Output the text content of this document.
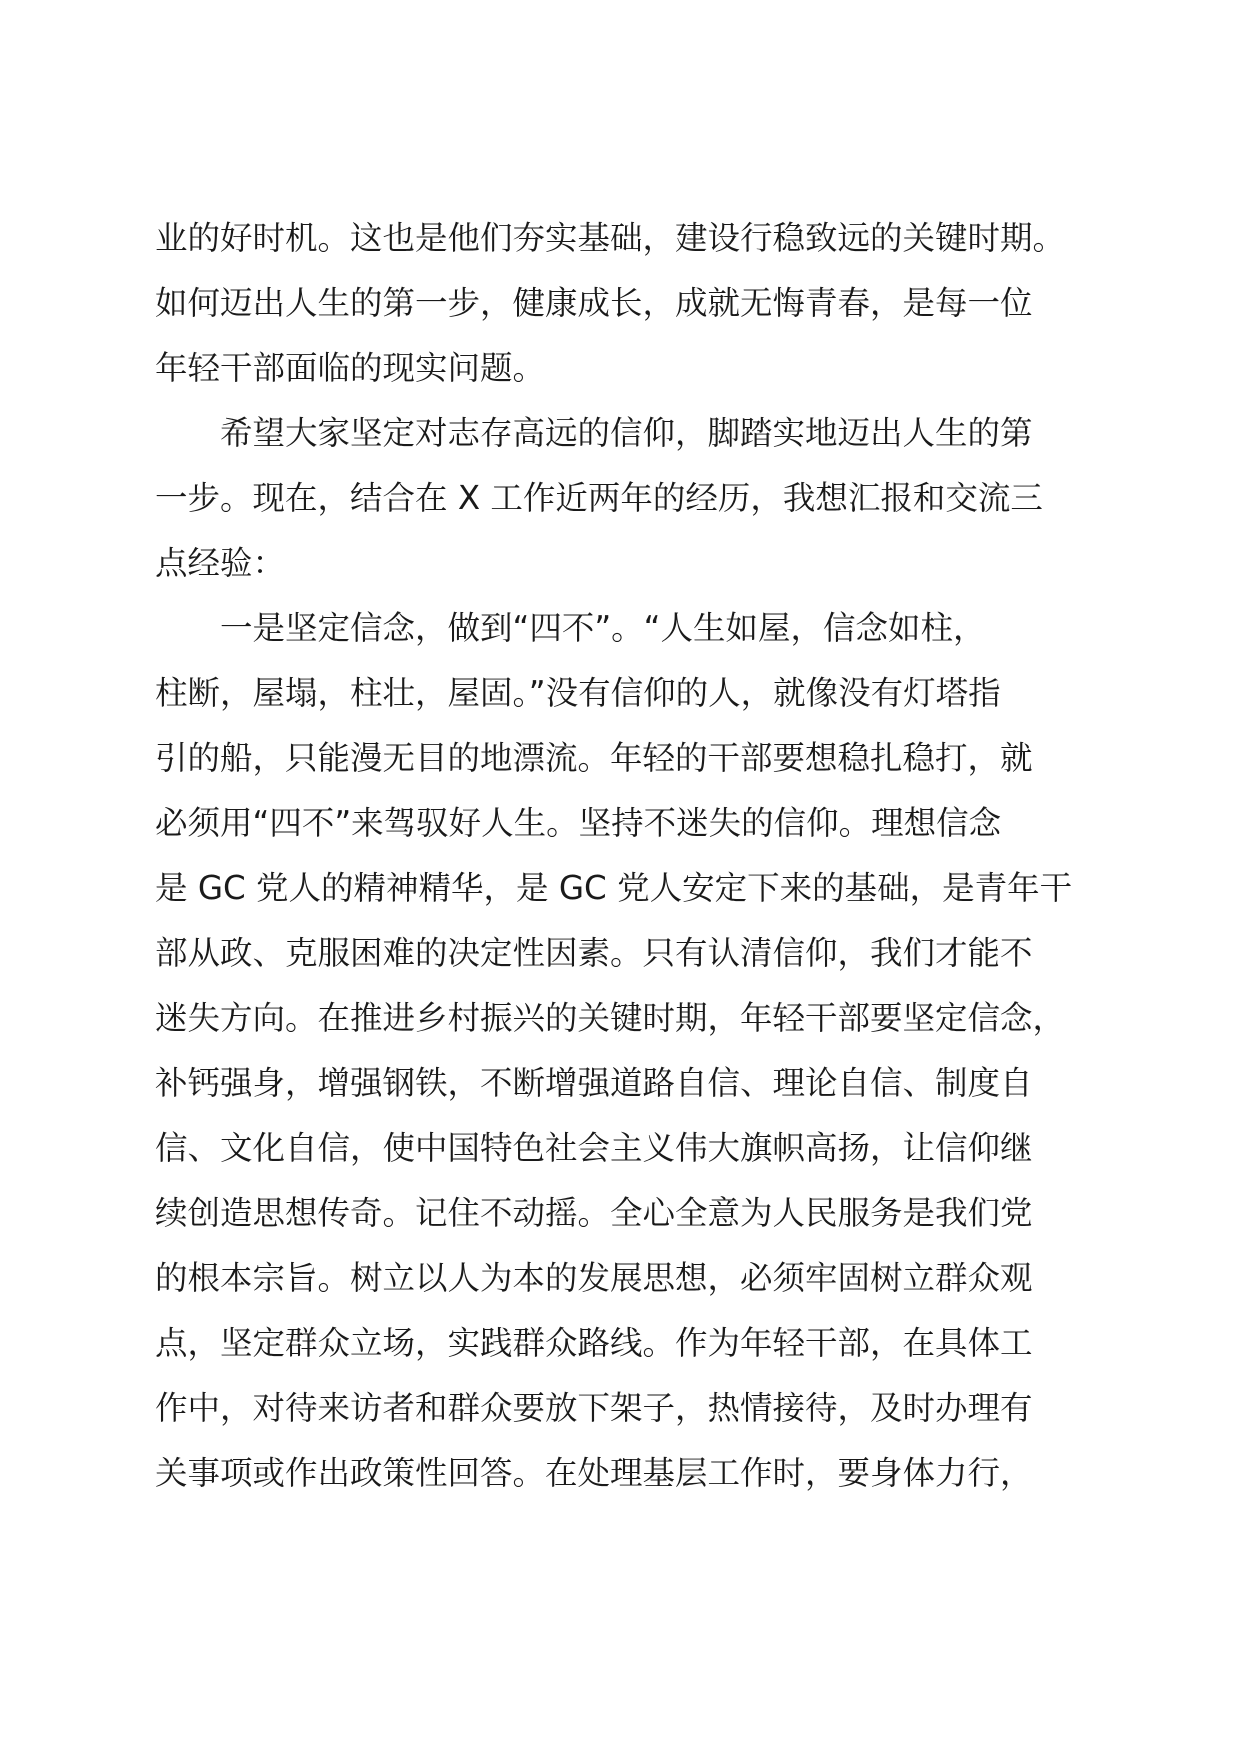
业的好时机。这也是他们夯实基础，建设行稳致远的关键时期。
如何迈出人生的第一步，健康成长，成就无悔青春，是每一位
年轻干部面临的现实问题。
希望大家坚定对志存高远的信仰，脚踏实地迈出人生的第
一步。现在，结合在 X 工作近两年的经历，我想汇报和交流三
点经验：
一是坚定信念，做到“四不”。“人生如屋，信念如柱，
柱断，屋塌，柱壮，屋固。”没有信仰的人，就像没有灯塔指
引的船，只能漫无目的地漂流。年轻的干部要想稳扎稳打，就
必须用“四不”来驾驭好人生。坚持不迷失的信仰。理想信念
是 GC 党人的精神精华，是 GC 党人安定下来的基础，是青年干
部从政、克服困难的决定性因素。只有认清信仰，我们才能不
迷失方向。在推进乡村振兴的关键时期，年轻干部要坚定信念，
补钙强身，增强钢铁，不断增强道路自信、理论自信、制度自
信、文化自信，使中国特色社会主义伟大旗帜高扬，让信仰继
续创造思想传奇。记住不动摇。全心全意为人民服务是我们党
的根本宗旨。树立以人为本的发展思想，必须牢固树立群众观
点，坚定群众立场，实践群众路线。作为年轻干部，在具体工
作中，对待来访者和群众要放下架子，热情接待，及时办理有
关事项或作出政策性回答。在处理基层工作时，要身体力行，
